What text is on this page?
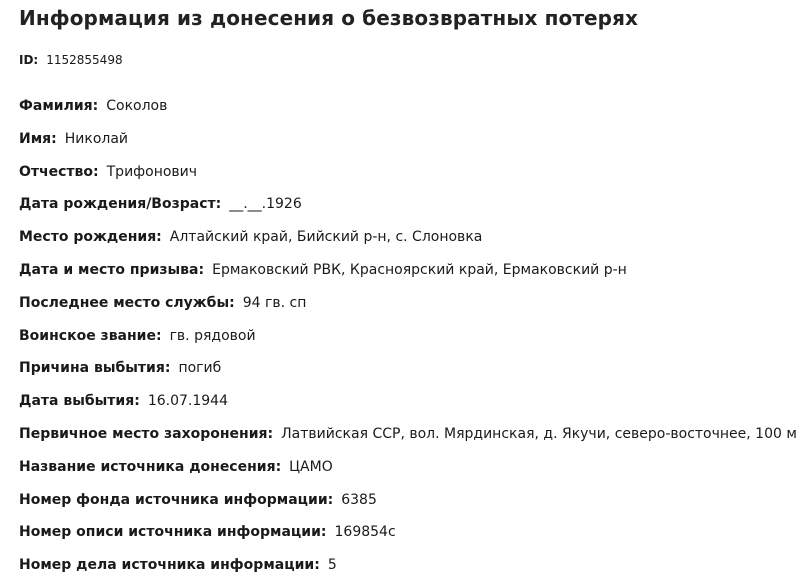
Информация из донесения о безвозвратных потерях
ID: 1152855498
Фамилия: Соколов
Имя: Николай
Отчество: Трифонович
Дата рождения/Возраст: __.__.1926
Место рождения: Алтайский край, Бийский р-н, с. Слоновка
Дата и место призыва: Ермаковский РВК, Красноярский край, Ермаковский р-н
Последнее место службы: 94 гв. сп
Воинское звание: гв. рядовой
Причина выбытия: погиб
Дата выбытия: 16.07.1944
Первичное место захоронения: Латвийская ССР, вол. Мярдинская, д. Якучи, северо-восточнее, 100 м
Название источника донесения: ЦАМО
Номер фонда источника информации: 6385
Номер описи источника информации: 169854с
Номер дела источника информации: 5
